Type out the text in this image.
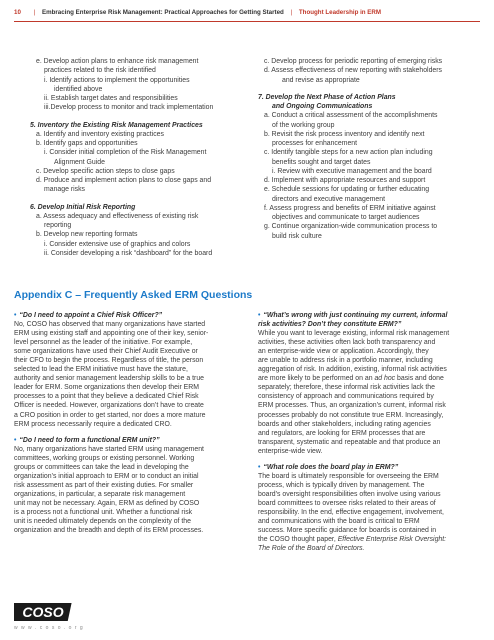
10 | Embracing Enterprise Risk Management: Practical Approaches for Getting Started | Thought Leadership in ERM
e. Develop action plans to enhance risk management
practices related to the risk identified
i. Identify actions to implement the opportunities
identified above
ii. Establish target dates and responsibilities
iii.Develop process to monitor and track implementation
5. Inventory the Existing Risk Management Practices
a. Identify and inventory existing practices
b. Identify gaps and opportunities
i. Consider initial completion of the Risk Management
Alignment Guide
c. Develop specific action steps to close gaps
d. Produce and implement action plans to close gaps and
manage risks
6. Develop Initial Risk Reporting
a. Assess adequacy and effectiveness of existing risk
reporting
b. Develop new reporting formats
i. Consider extensive use of graphics and colors
ii. Consider developing a risk “dashboard” for the board
c. Develop process for periodic reporting of emerging risks
d. Assess effectiveness of new reporting with stakeholders
and revise as appropriate
7. Develop the Next Phase of Action Plans
and Ongoing Communications
a. Conduct a critical assessment of the accomplishments
of the working group
b. Revisit the risk process inventory and identify next
processes for enhancement
c. Identify tangible steps for a new action plan including
benefits sought and target dates
i. Review with executive management and the board
d. Implement with appropriate resources and support
e. Schedule sessions for updating or further educating
directors and executive management
f. Assess progress and benefits of ERM initiative against
objectives and communicate to target audiences
g. Continue organization-wide communication process to
build risk culture
Appendix C – Frequently Asked ERM Questions
• “Do I need to appoint a Chief Risk Officer?”
No, COSO has observed that many organizations have started
ERM using existing staff and appointing one of their key, senior-
level personnel as the leader of the initiative. For example,
some organizations have used their Chief Audit Executive or
their CFO to begin the process. Regardless of title, the person
selected to lead the ERM initiative must have the stature,
authority and senior management leadership skills to be a true
leader for ERM. Some organizations then develop their ERM
processes to a point that they believe a dedicated Chief Risk
Officer is needed. However, organizations don’t have to create
a CRO position in order to get started, nor does a more mature
ERM process necessarily require a dedicated CRO.
• “Do I need to form a functional ERM unit?”
No, many organizations have started ERM using management
committees, working groups or existing personnel. Working
groups or committees can take the lead in developing the
organization’s initial approach to ERM or to conduct an initial
risk assessment as part of their existing duties. For smaller
organizations, in particular, a separate risk management
unit may not be necessary. Again, ERM as defined by COSO
is a process not a functional unit. Whether a functional risk
unit is needed ultimately depends on the complexity of the
organization and the breadth and depth of its ERM processes.
• “What’s wrong with just continuing my current, informal
risk activities? Don’t they constitute ERM?”
While you want to leverage existing, informal risk management
activities, these activities often lack both transparency and
an enterprise-wide view or application. Accordingly, they
are unable to address risk in a portfolio manner, including
aggregation of risk. In addition, existing, informal risk activities
are more likely to be performed on an ad hoc basis and done
separately; therefore, these informal risk activities lack the
consistency of approach and communications required by
ERM processes. Thus, an organization’s current, informal risk
processes probably do not constitute true ERM. Increasingly,
boards and other stakeholders, including rating agencies
and regulators, are looking for ERM processes that are
transparent, systematic and repeatable and that produce an
enterprise-wide view.
• “What role does the board play in ERM?”
The board is ultimately responsible for overseeing the ERM
process, which is typically driven by management. The
board’s oversight responsibilities often involve using various
board committees to oversee risks related to their areas of
responsibility. In the end, effective engagement, involvement,
and communications with the board is critical to ERM
success. More specific guidance for boards is contained in
the COSO thought paper, Effective Enterprise Risk Oversight:
The Role of the Board of Directors.
COSO
w w w . c o s o . o r g
